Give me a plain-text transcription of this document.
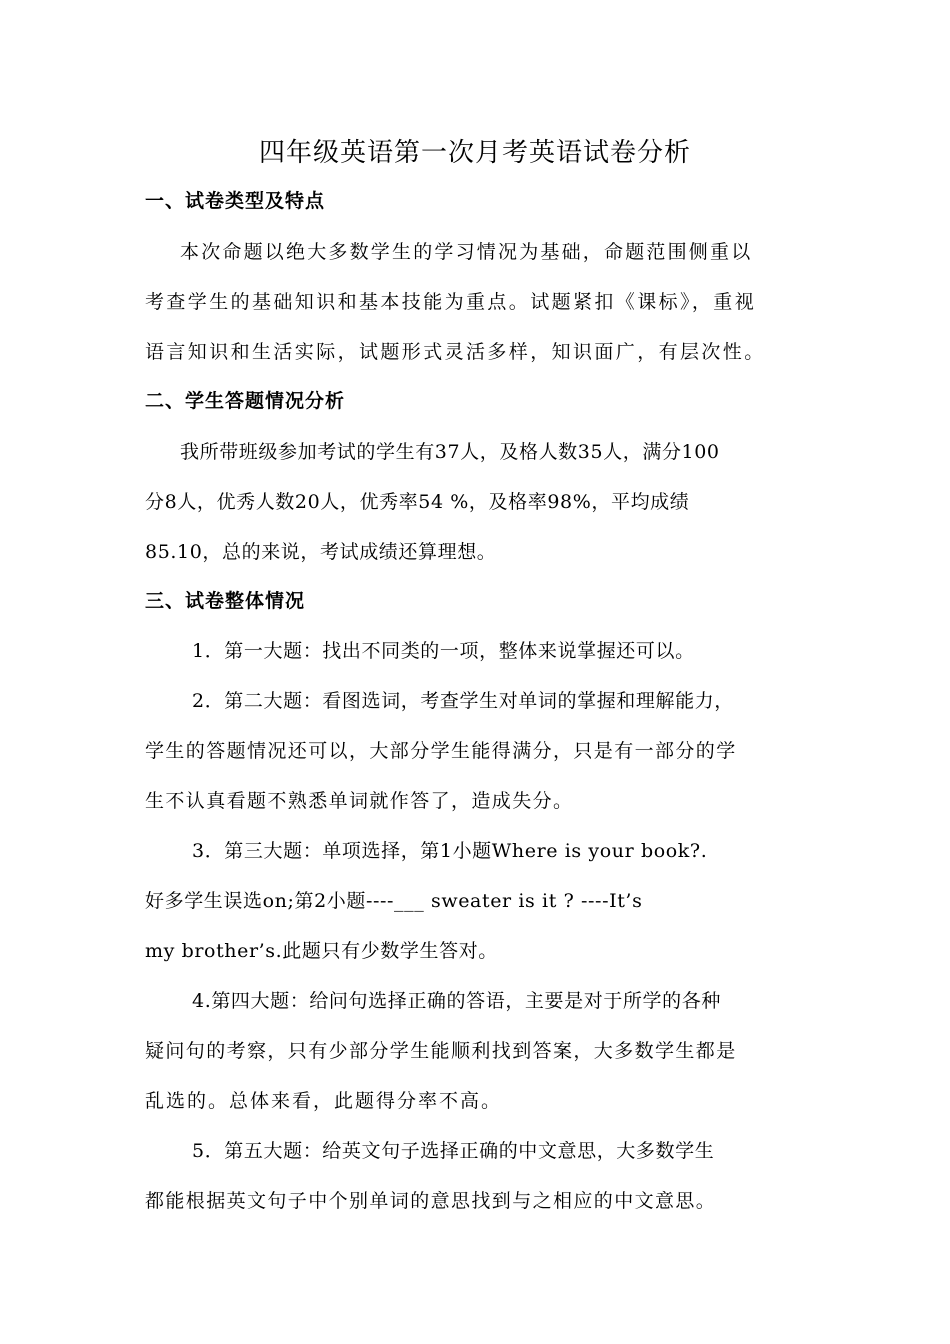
四年级英语第一次月考英语试卷分析
一、试卷类型及特点
本次命题以绝大多数学生的学习情况为基础，命题范围侧重以
考查学生的基础知识和基本技能为重点。试题紧扣《课标》，重视
语言知识和生活实际，试题形式灵活多样，知识面广，有层次性。
二、学生答题情况分析
我所带班级参加考试的学生有37人，及格人数35人，满分100
分8人，优秀人数20人，优秀率54 %，及格率98%，平均成绩
85.10，总的来说，考试成绩还算理想。
三、试卷整体情况
1．第一大题：找出不同类的一项，整体来说掌握还可以。
2．第二大题：看图选词，考查学生对单词的掌握和理解能力，
学生的答题情况还可以，大部分学生能得满分，只是有一部分的学
生不认真看题不熟悉单词就作答了，造成失分。
3．第三大题：单项选择，第1小题Where is your book?.
好多学生误选on;第2小题----___ sweater is it ? ----It’s
my brother’s.此题只有少数学生答对。
4.第四大题：给问句选择正确的答语，主要是对于所学的各种
疑问句的考察，只有少部分学生能顺利找到答案，大多数学生都是
乱选的。总体来看，此题得分率不高。
5．第五大题：给英文句子选择正确的中文意思，大多数学生
都能根据英文句子中个别单词的意思找到与之相应的中文意思。
